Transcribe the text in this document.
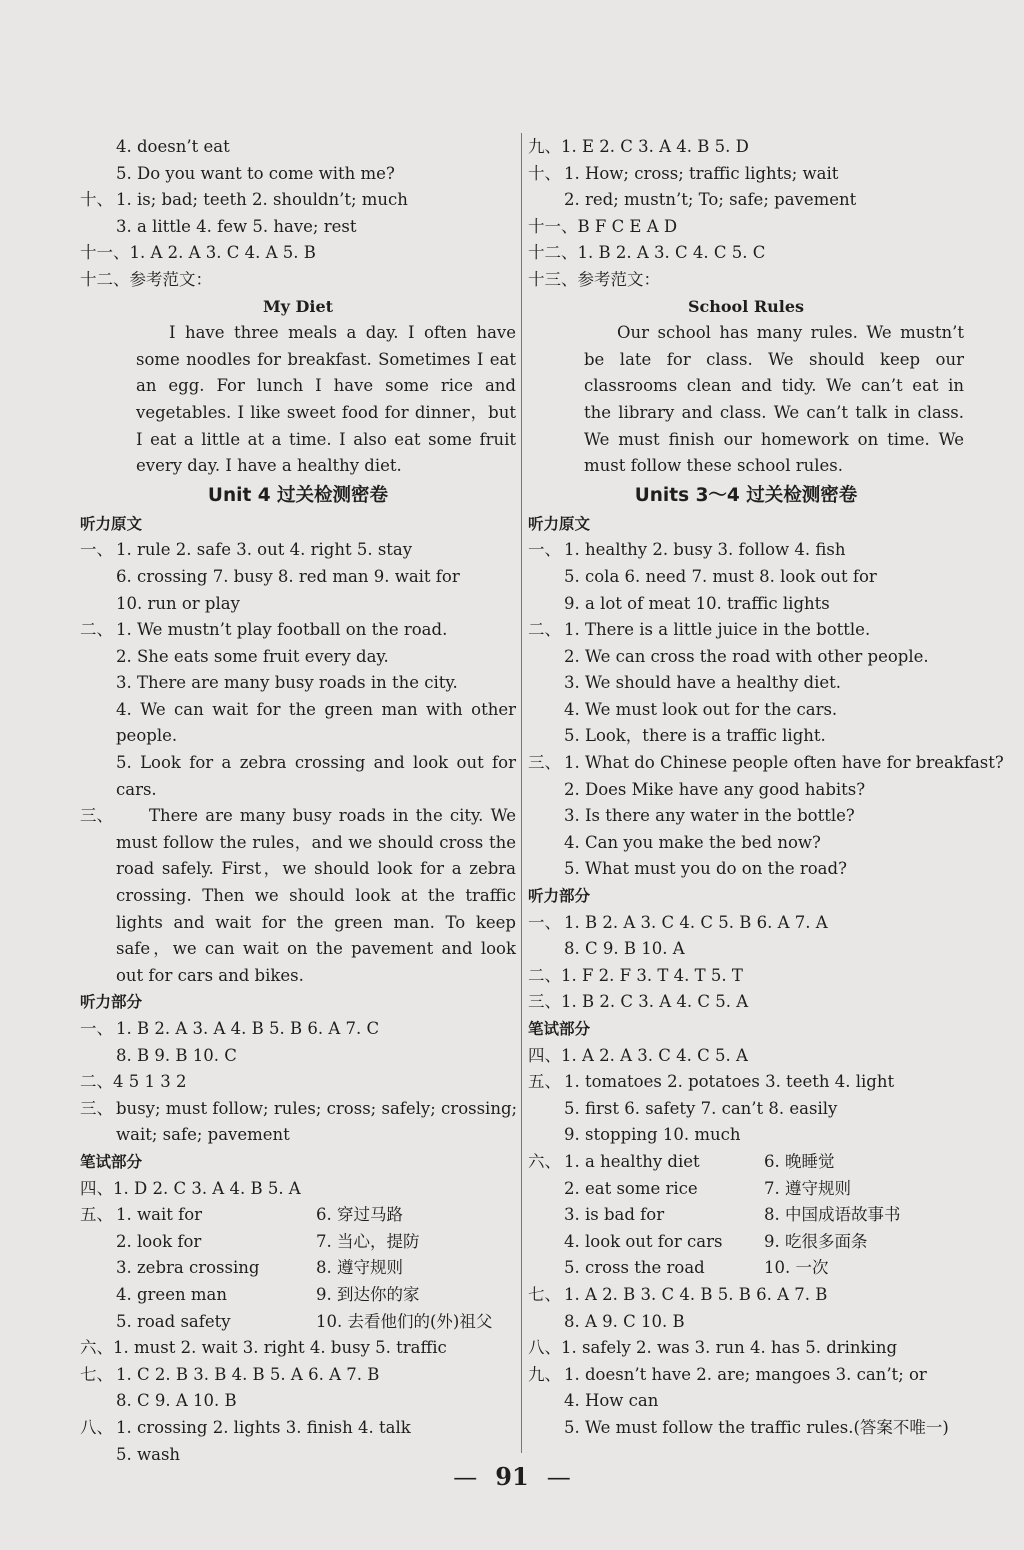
4. doesn’t eat
5. Do you want to come with me?
十、 1. is; bad; teeth 2. shouldn’t; much
3. a little 4. few 5. have; rest
十一、1. A 2. A 3. C 4. A 5. B
十二、参考范文：
My Diet
I have three meals a day. I often have some noodles for breakfast. Sometimes I eat an egg. For lunch I have some rice and vegetables. I like sweet food for dinner，but I eat a little at a time. I also eat some fruit every day. I have a healthy diet.
Unit 4 过关检测密卷
听力原文
一、 1. rule 2. safe 3. out 4. right 5. stay
6. crossing 7. busy 8. red man 9. wait for
10. run or play
二、 1. We mustn’t play football on the road.
2. She eats some fruit every day.
3. There are many busy roads in the city.
4. We can wait for the green man with other people.
5. Look for a zebra crossing and look out for cars.
三、	There are many busy roads in the city. We must follow the rules，and we should cross the road safely. First，we should look for a zebra crossing. Then we should look at the traffic lights and wait for the green man. To keep safe，we can wait on the pavement and look out for cars and bikes.
听力部分
一、 1. B 2. A 3. A 4. B 5. B 6. A 7. C
8. B 9. B 10. C
二、4 5 1 3 2
三、 busy; must follow; rules; cross; safely; crossing;
wait; safe; pavement
笔试部分
四、1. D 2. C 3. A 4. B 5. A
五、 1. wait for	6. 穿过马路
2. look for	7. 当心，提防
3. zebra crossing	8. 遵守规则
4. green man	9. 到达你的家
5. road safety	10. 去看他们的(外)祖父
六、1. must 2. wait 3. right 4. busy 5. traffic
七、 1. C 2. B 3. B 4. B 5. A 6. A 7. B
8. C 9. A 10. B
八、 1. crossing 2. lights 3. finish 4. talk
5. wash
九、1. E 2. C 3. A 4. B 5. D
十、 1. How; cross; traffic lights; wait
2. red; mustn’t; To; safe; pavement
十一、B F C E A D
十二、1. B 2. A 3. C 4. C 5. C
十三、参考范文：
School Rules
Our school has many rules. We mustn’t be late for class. We should keep our classrooms clean and tidy. We can’t eat in the library and class. We can’t talk in class. We must finish our homework on time. We must follow these school rules.
Units 3～4 过关检测密卷
听力原文
一、 1. healthy 2. busy 3. follow 4. fish
5. cola 6. need 7. must 8. look out for
9. a lot of meat 10. traffic lights
二、 1. There is a little juice in the bottle.
2. We can cross the road with other people.
3. We should have a healthy diet.
4. We must look out for the cars.
5. Look，there is a traffic light.
三、 1. What do Chinese people often have for breakfast?
2. Does Mike have any good habits?
3. Is there any water in the bottle?
4. Can you make the bed now?
5. What must you do on the road?
听力部分
一、 1. B 2. A 3. C 4. C 5. B 6. A 7. A
8. C 9. B 10. A
二、1. F 2. F 3. T 4. T 5. T
三、1. B 2. C 3. A 4. C 5. A
笔试部分
四、1. A 2. A 3. C 4. C 5. A
五、 1. tomatoes 2. potatoes 3. teeth 4. light
5. first 6. safety 7. can’t 8. easily
9. stopping 10. much
六、 1. a healthy diet	6. 晚睡觉
2. eat some rice	7. 遵守规则
3. is bad for	8. 中国成语故事书
4. look out for cars	9. 吃很多面条
5. cross the road	10. 一次
七、 1. A 2. B 3. C 4. B 5. B 6. A 7. B
8. A 9. C 10. B
八、1. safely 2. was 3. run 4. has 5. drinking
九、 1. doesn’t have 2. are; mangoes 3. can’t; or
4. How can
5. We must follow the traffic rules.(答案不唯一)
— 91 —
